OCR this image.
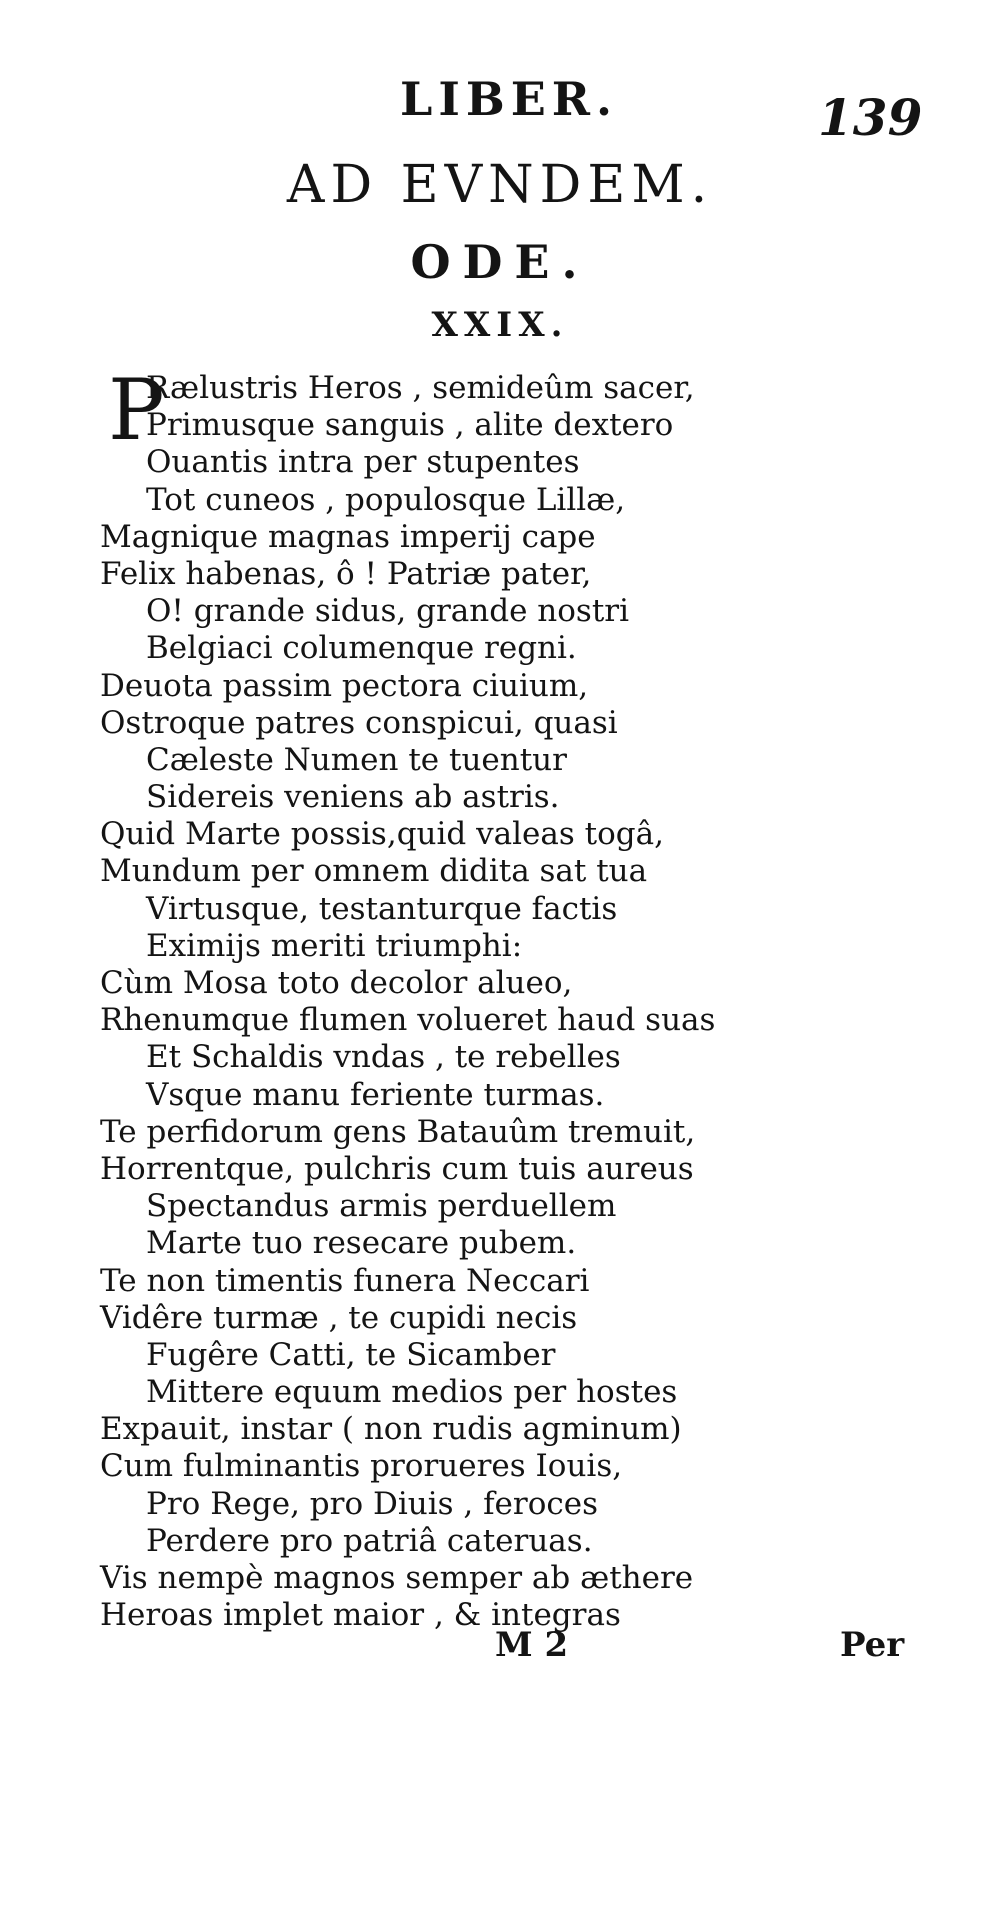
LIBER.	139
AD EVNDEM.
ODE.
XXIX.
P
Rælustris Heros , semideûm sacer,
Primusque sanguis , alite dextero
Ouantis intra per stupentes
Tot cuneos , populosque Lillæ,
Magnique magnas imperij cape
Felix habenas, ô ! Patriæ pater,
O! grande sidus, grande nostri
Belgiaci columenque regni.
Deuota passim pectora ciuium,
Ostroque patres conspicui, quasi
Cæleste Numen te tuentur
Sidereis veniens ab astris.
Quid Marte possis,quid valeas togâ,
Mundum per omnem didita sat tua
Virtusque, testanturque factis
Eximijs meriti triumphi:
Cùm Mosa toto decolor alueo,
Rhenumque flumen volueret haud suas
Et Schaldis vndas , te rebelles
Vsque manu feriente turmas.
Te perfidorum gens Batauûm tremuit,
Horrentque, pulchris cum tuis aureus
Spectandus armis perduellem
Marte tuo resecare pubem.
Te non timentis funera Neccari
Vidêre turmæ , te cupidi necis
Fugêre Catti, te Sicamber
Mittere equum medios per hostes
Expauit, instar ( non rudis agminum)
Cum fulminantis prorueres Iouis,
Pro Rege, pro Diuis , feroces
Perdere pro patriâ cateruas.
Vis nempè magnos semper ab æthere
Heroas implet maior , & integras
M 2	Per
